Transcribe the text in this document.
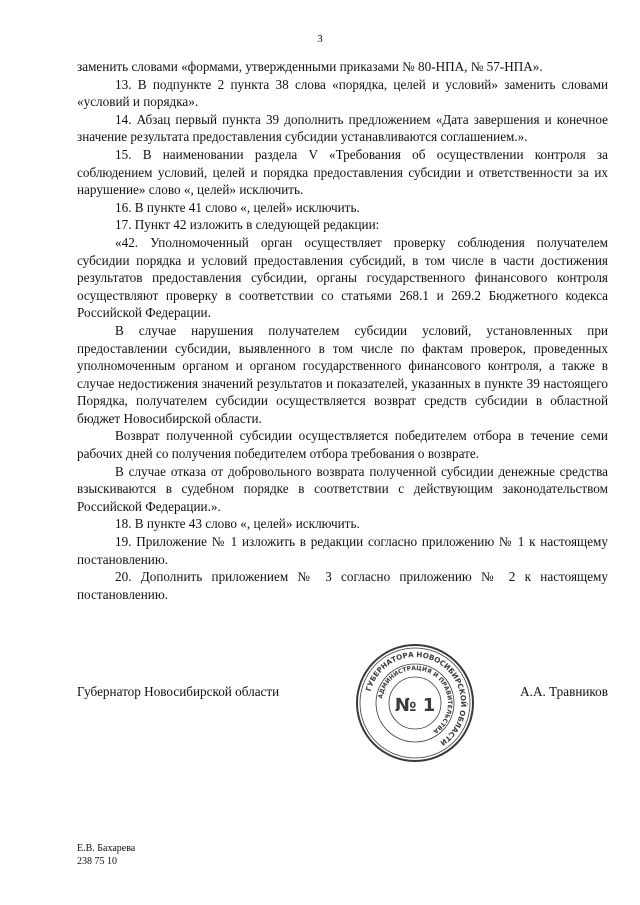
3

заменить словами «формами, утвержденными приказами № 80-НПА, № 57-НПА».

13. В подпункте 2 пункта 38 слова «порядка, целей и условий» заменить словами «условий и порядка».

14. Абзац первый пункта 39 дополнить предложением «Дата завершения и конечное значение результата предоставления субсидии устанавливаются соглашением.».

15. В наименовании раздела V «Требования об осуществлении контроля за соблюдением условий, целей и порядка предоставления субсидии и ответственности за их нарушение» слово «, целей» исключить.

16. В пункте 41 слово «, целей» исключить.

17. Пункт 42 изложить в следующей редакции:

«42. Уполномоченный орган осуществляет проверку соблюдения получателем субсидии порядка и условий предоставления субсидий, в том числе в части достижения результатов предоставления субсидии, органы государственного финансового контроля осуществляют проверку в соответствии со статьями 268.1 и 269.2 Бюджетного кодекса Российской Федерации.

В случае нарушения получателем субсидии условий, установленных при предоставлении субсидии, выявленного в том числе по фактам проверок, проведенных уполномоченным органом и органом государственного финансового контроля, а также в случае недостижения значений результатов и показателей, указанных в пункте 39 настоящего Порядка, получателем субсидии осуществляется возврат средств субсидии в областной бюджет Новосибирской области.

Возврат полученной субсидии осуществляется победителем отбора в течение семи рабочих дней со получения победителем отбора требования о возврате.

В случае отказа от добровольного возврата полученной субсидии денежные средства взыскиваются в судебном порядке в соответствии с действующим законодательством Российской Федерации.».

18. В пункте 43 слово «, целей» исключить.

19. Приложение № 1 изложить в редакции согласно приложению № 1 к настоящему постановлению.

20. Дополнить приложением № 3 согласно приложению № 2 к настоящему постановлению.

Губернатор Новосибирской области	ГУБЕРНАТОРА НОВОСИБИРСКОЙ ОБЛАСТИ
АДМИНИСТРАЦИЯ И ПРАВИТЕЛЬСТВА
№ 1
А.А. Травников
Е.В. Бахарева
238 75 10
